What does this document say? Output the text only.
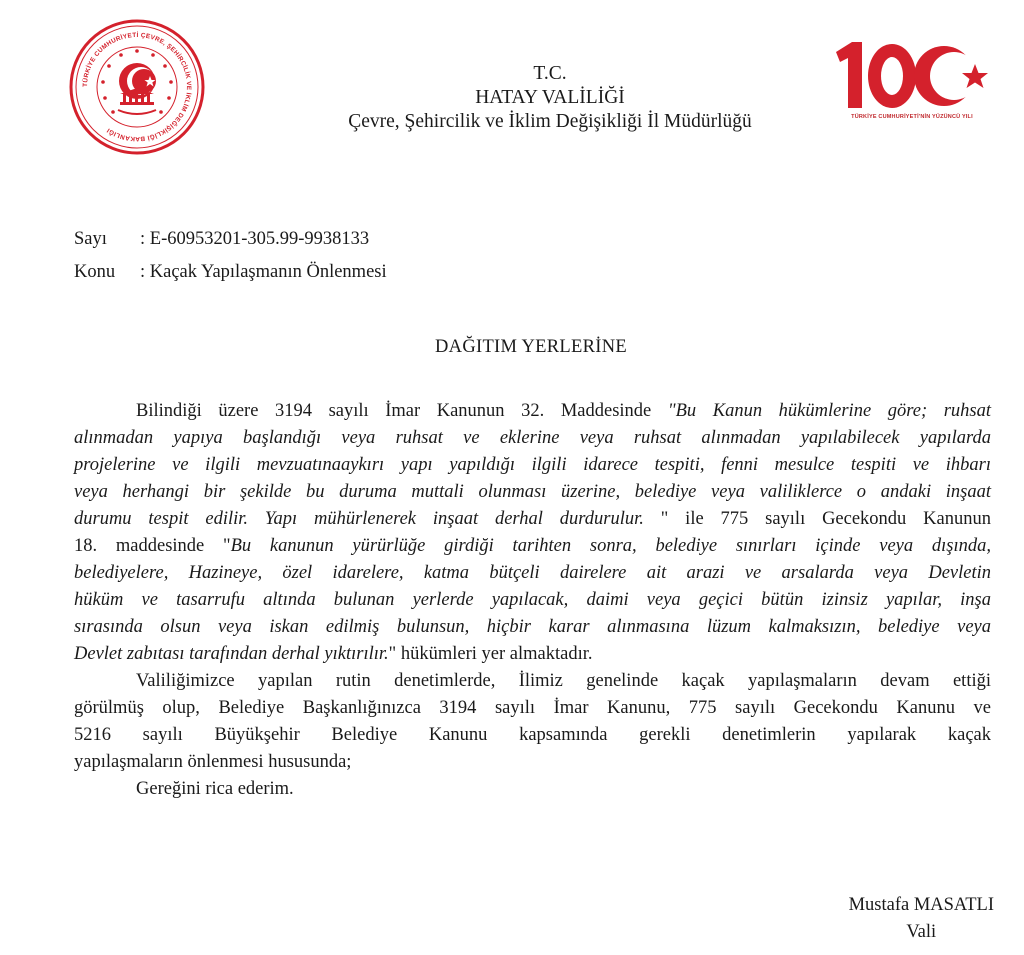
TÜRKİYE CUMHURİYETİ ÇEVRE, ŞEHİRCİLİK VE İKLİM DEĞİŞİKLİĞİ BAKANLIĞI
TÜRKİYE CUMHURİYETİ'NİN YÜZÜNCÜ YILI
T.C.
HATAY VALİLİĞİ
Çevre, Şehircilik ve İklim Değişikliği İl Müdürlüğü
Sayı	: E-60953201-305.99-9938133
Konu	: Kaçak Yapılaşmanın Önlenmesi
DAĞITIM YERLERİNE
Bilindiği üzere 3194 sayılı İmar Kanunun 32. Maddesinde "Bu Kanun hükümlerine göre; ruhsat
alınmadan yapıya başlandığı veya ruhsat ve eklerine veya ruhsat alınmadan yapılabilecek yapılarda
projelerine ve ilgili mevzuatınaaykırı yapı yapıldığı ilgili idarece tespiti, fenni mesulce tespiti ve ihbarı
veya herhangi bir şekilde bu duruma muttali olunması üzerine, belediye veya valiliklerce o andaki inşaat
durumu tespit edilir. Yapı mühürlenerek inşaat derhal durdurulur. " ile 775 sayılı Gecekondu Kanunun
18. maddesinde "Bu kanunun yürürlüğe girdiği tarihten sonra, belediye sınırları içinde veya dışında,
belediyelere, Hazineye, özel idarelere, katma bütçeli dairelere ait arazi ve arsalarda veya Devletin
hüküm ve tasarrufu altında bulunan yerlerde yapılacak, daimi veya geçici bütün izinsiz yapılar, inşa
sırasında olsun veya iskan edilmiş bulunsun, hiçbir karar alınmasına lüzum kalmaksızın, belediye veya
Devlet zabıtası tarafından derhal yıktırılır." hükümleri yer almaktadır.
Valiliğimizce yapılan rutin denetimlerde, İlimiz genelinde kaçak yapılaşmaların devam ettiği
görülmüş olup, Belediye Başkanlığınızca 3194 sayılı İmar Kanunu, 775 sayılı Gecekondu Kanunu ve
5216 sayılı Büyükşehir Belediye Kanunu kapsamında gerekli denetimlerin yapılarak kaçak
yapılaşmaların önlenmesi hususunda;
Gereğini rica ederim.
Mustafa MASATLI
Vali
